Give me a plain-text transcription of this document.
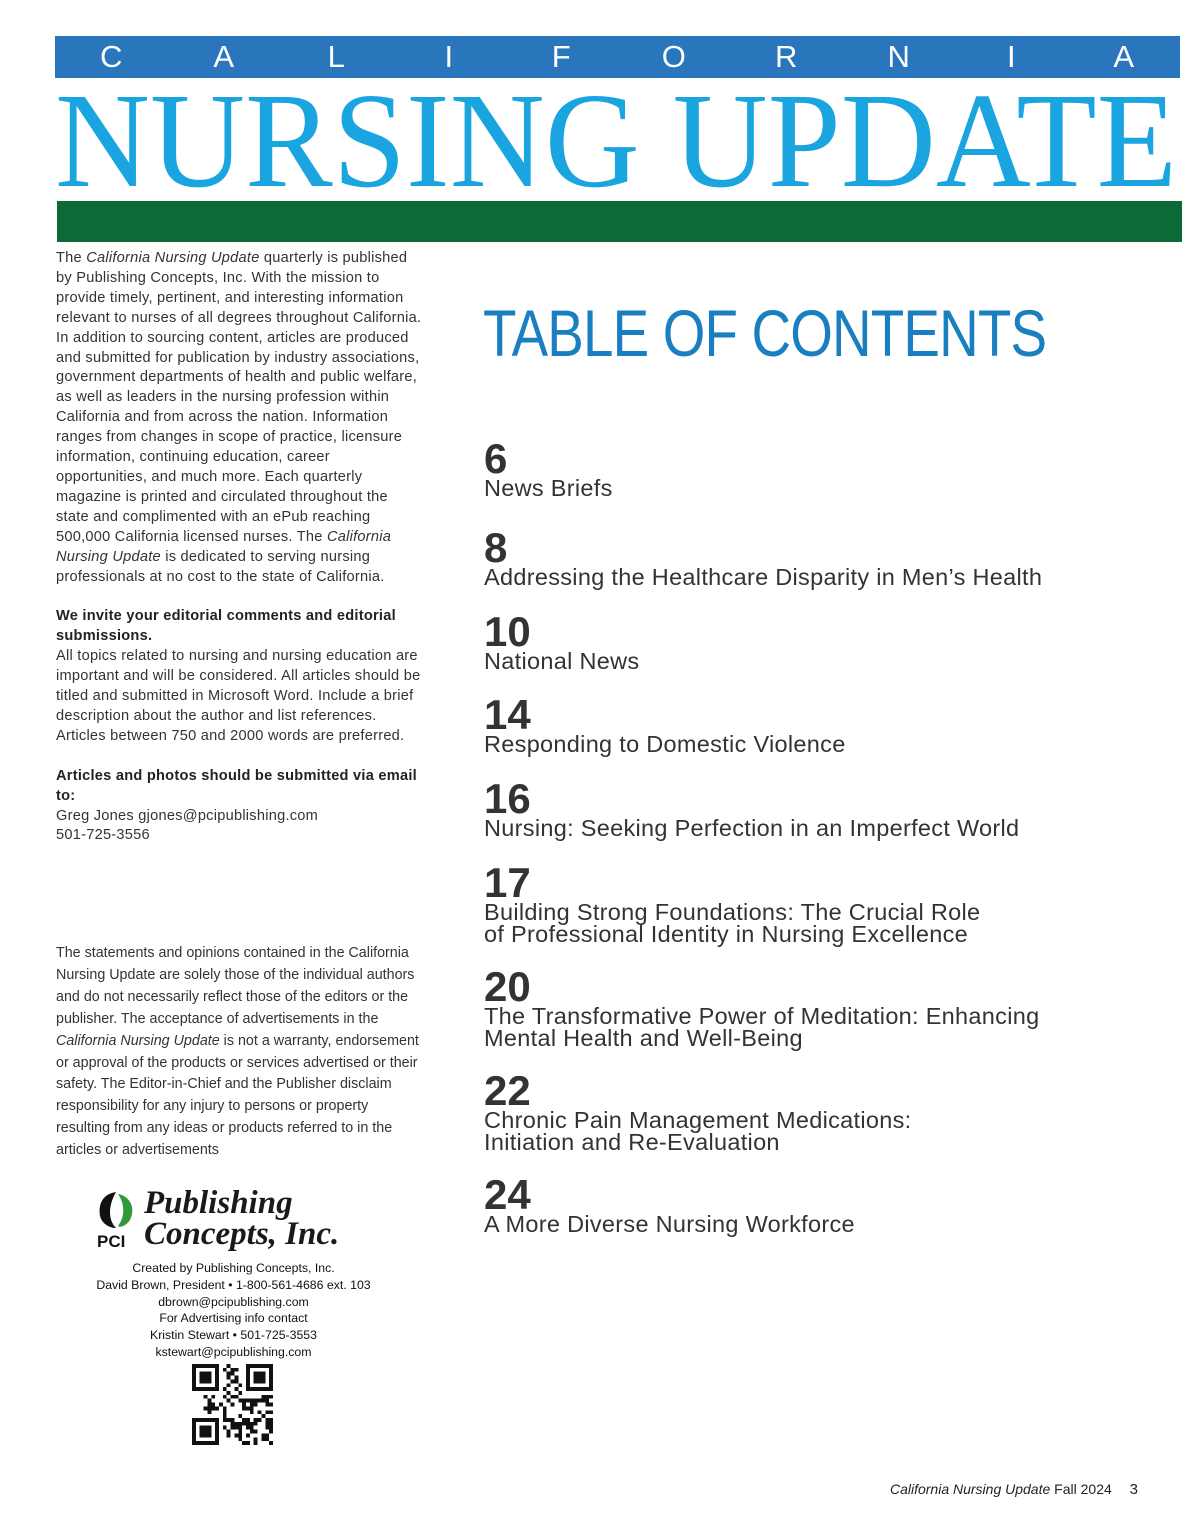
C	A	L	I	F	O	R	N	I	A
NURSING UPDATE

The California Nursing Update quarterly is published by Publishing Concepts, Inc. With the mission to provide timely, pertinent, and interesting information relevant to nurses of all degrees throughout California. In addition to sourcing content, articles are produced and submitted for publication by industry associations, government departments of health and public welfare, as well as leaders in the nursing profession within California and from across the nation. Information ranges from changes in scope of practice, licensure information, continuing education, career opportunities, and much more. Each quarterly magazine is printed and circulated throughout the state and complimented with an ePub reaching 500,000 California licensed nurses. The California Nursing Update is dedicated to serving nursing professionals at no cost to the state of California.

We invite your editorial comments and editorial submissions.

All topics related to nursing and nursing education are important and will be considered. All articles should be titled and submitted in Microsoft Word. Include a brief description about the author and list references. Articles between 750 and 2000 words are preferred.

Articles and photos should be submitted via email to:

Greg Jones gjones@pcipublishing.com

501-725-3556

The statements and opinions contained in the California Nursing Update are solely those of the individual authors and do not necessarily reflect those of the editors or the publisher. The acceptance of advertisements in the California Nursing Update is not a warranty, endorsement or approval of the products or services advertised or their safety. The Editor-in-Chief and the Publisher disclaim responsibility for any injury to persons or property resulting from any ideas or products referred to in the articles or advertisements
Publishing
Concepts, Inc.
PCI
Created by Publishing Concepts, Inc.
David Brown, President • 1-800-561-4686 ext. 103
dbrown@pcipublishing.com
For Advertising info contact
Kristin Stewart • 501-725-3553
kstewart@pcipublishing.com
TABLE OF CONTENTS
6
News Briefs
8
Addressing the Healthcare Disparity in Men’s Health
10
National News
14
Responding to Domestic Violence
16
Nursing: Seeking Perfection in an Imperfect World
17
Building Strong Foundations: The Crucial Role
of Professional Identity in Nursing Excellence
20
The Transformative Power of Meditation: Enhancing
Mental Health and Well-Being
22
Chronic Pain Management Medications:
Initiation and Re-Evaluation
24
A More Diverse Nursing Workforce
California Nursing Update Fall 2024 3
